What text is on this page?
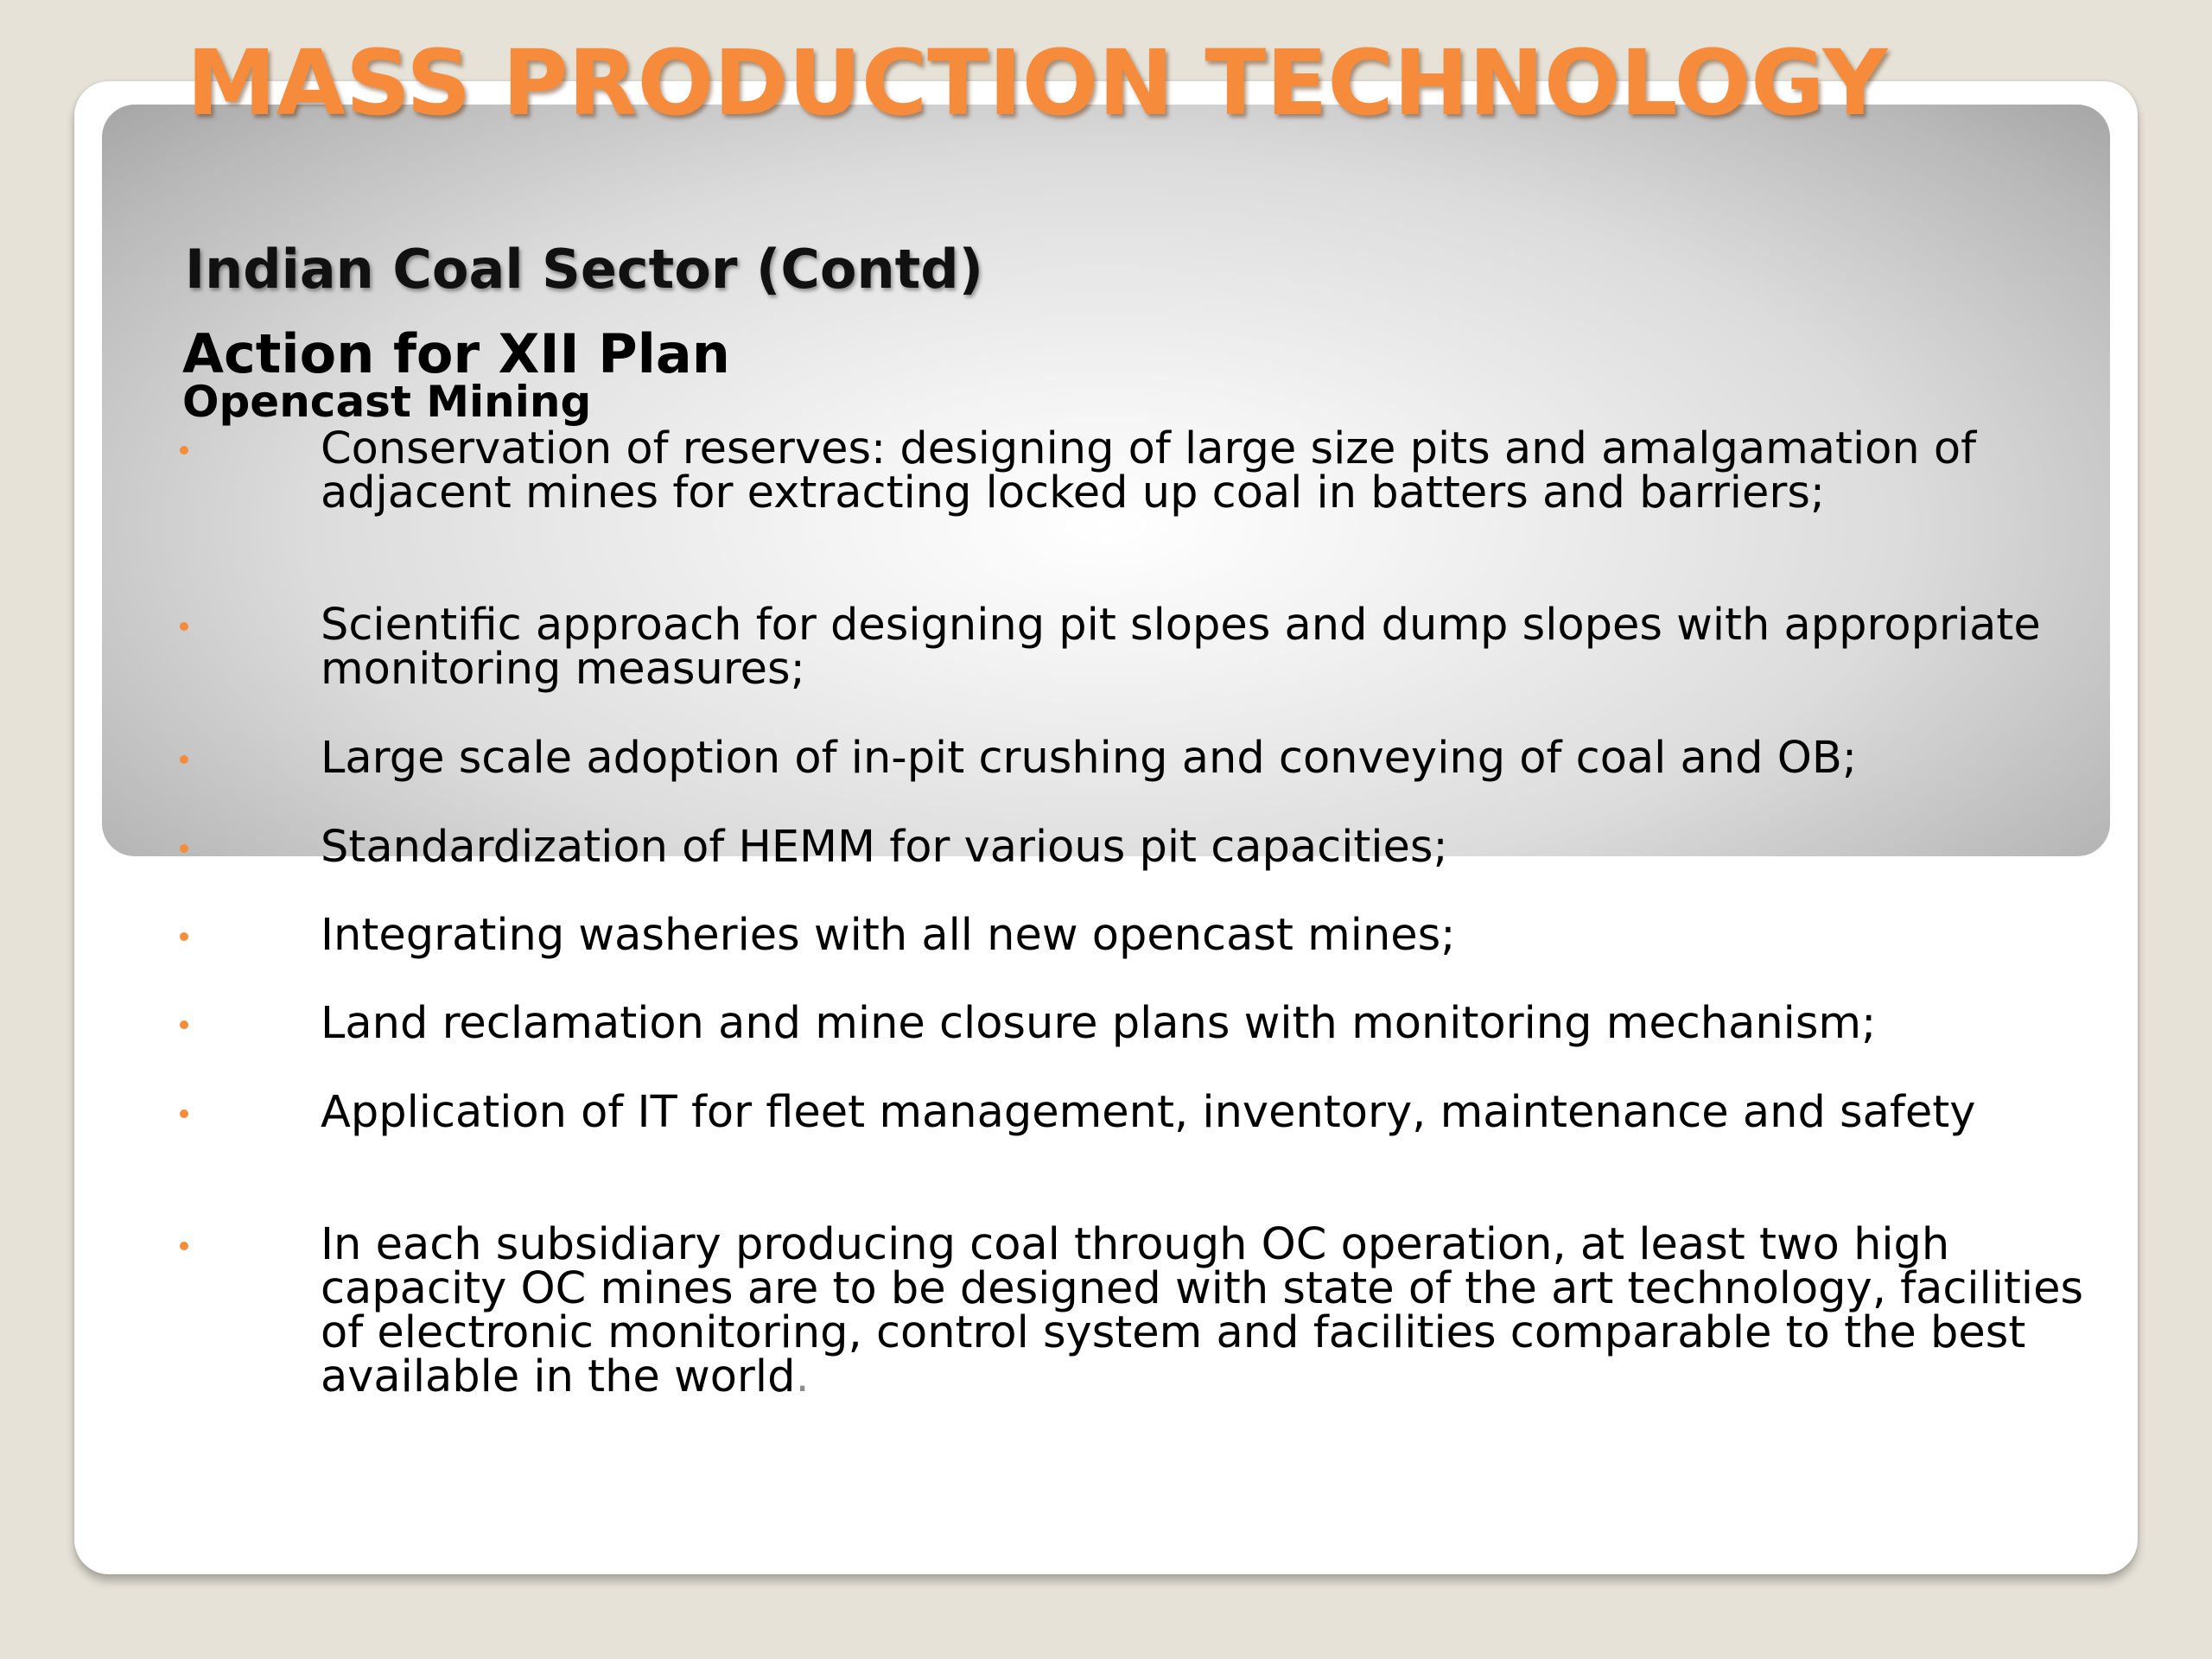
MASS PRODUCTION TECHNOLOGY
Indian Coal Sector (Contd)
Action for XII Plan
Opencast Mining
Conservation of reserves: designing of large size pits and amalgamation of adjacent mines for extracting locked up coal in batters and barriers;
Scientific approach for designing pit slopes and dump slopes with appropriate monitoring measures;
Large scale adoption of in-pit crushing and conveying of coal and OB;
Standardization of HEMM for various pit capacities;
Integrating washeries with all new opencast mines;
Land reclamation and mine closure plans with monitoring mechanism;
Application of IT for fleet management, inventory, maintenance and safety
In each subsidiary producing coal through OC operation, at least two high capacity OC mines are to be designed with state of the art technology, facilities of electronic monitoring, control system and facilities comparable to the best available in the world.
